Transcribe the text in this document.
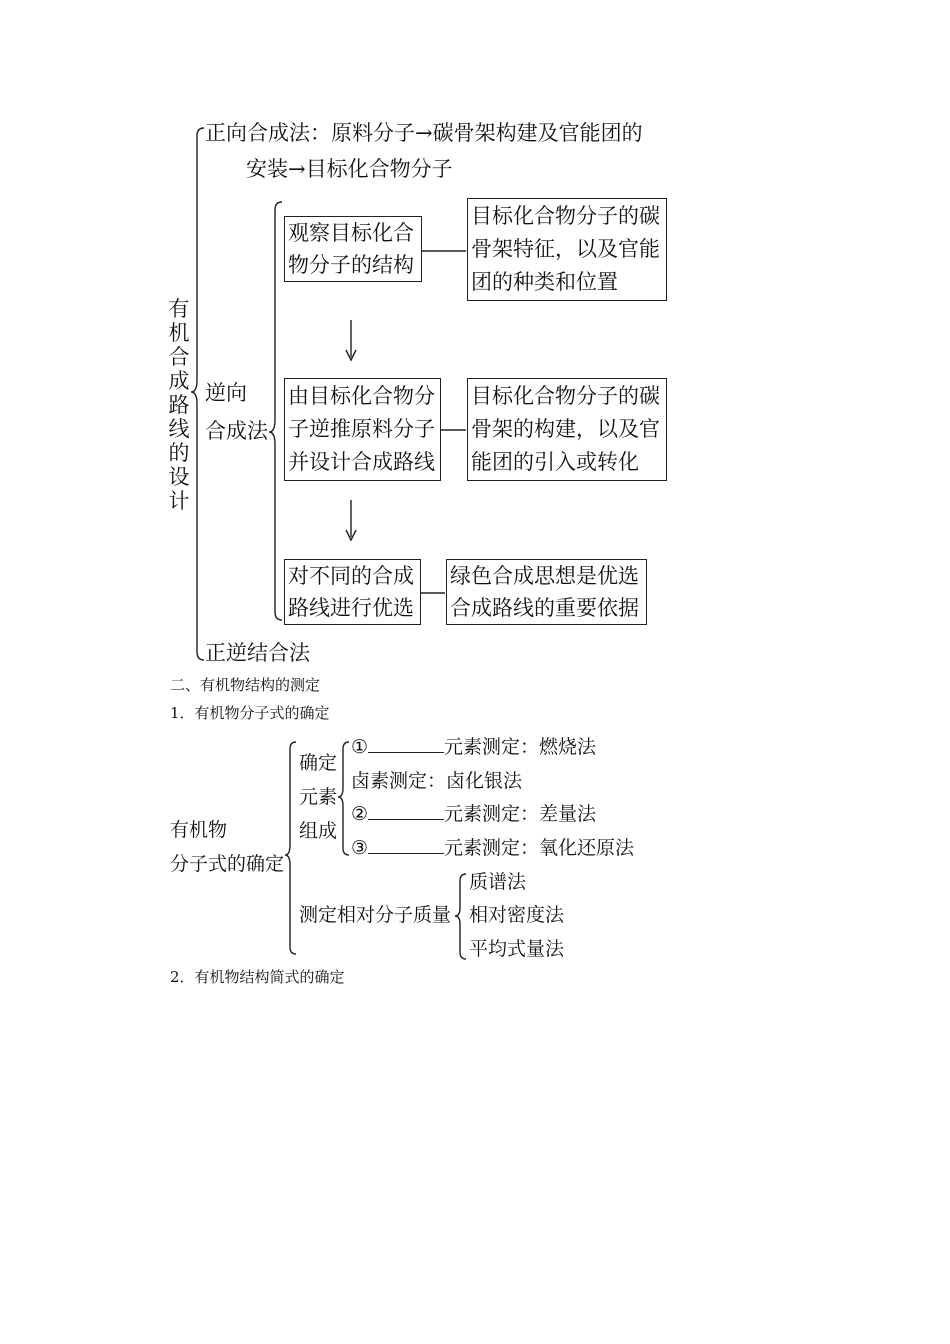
有
机
合
成
路
线
的
设
计
正向合成法：原料分子→碳骨架构建及官能团的
安装→目标化合物分子
逆向
合成法
观察目标化合
物分子的结构
目标化合物分子的碳
骨架特征，以及官能
团的种类和位置
由目标化合物分
子逆推原料分子
并设计合成路线
目标化合物分子的碳
骨架的构建，以及官
能团的引入或转化
对不同的合成
路线进行优选
绿色合成思想是优选
合成路线的重要依据
正逆结合法
二、有机物结构的测定
1．有机物分子式的确定
有机物
分子式的确定
确定
元素
组成
①	元素测定：燃烧法
卤素测定：卤化银法
②	元素测定：差量法
③	元素测定：氧化还原法
测定相对分子质量
质谱法
相对密度法
平均式量法
2．有机物结构简式的确定
